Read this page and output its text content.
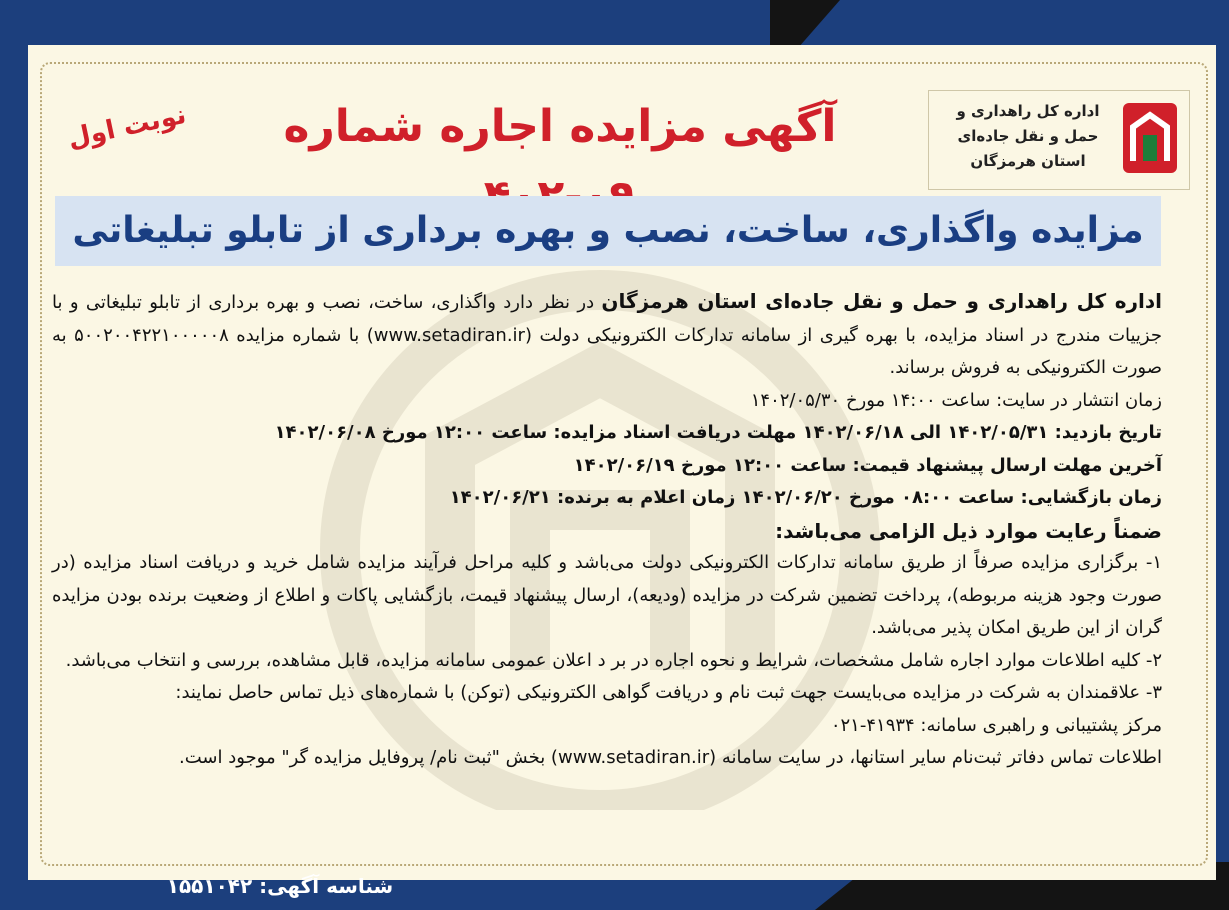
اداره کل راهداری و
حمل و نقل جاده‌ای
استان هرمزگان
آگهی مزایده اجاره شماره
نوبت اول
مزایده واگذاری، ساخت، نصب و بهره برداری از تابلو تبلیغاتی

اداره کل راهداری و حمل و نقل جاده‌ای استان هرمزگان در نظر دارد واگذاری، ساخت، نصب و بهره برداری از تابلو تبلیغاتی و با جزییات مندرج در اسناد مزایده، با بهره گیری از سامانه تدارکات الکترونیکی دولت (www.setadiran.ir) با شماره مزایده ۵۰۰۲۰۰۴۲۲۱۰۰۰۰۰۸ به صورت الکترونیکی به فروش برساند.

زمان انتشار در سایت: ساعت ۱۴:۰۰ مورخ ۱۴۰۲/۰۵/۳۰

تاریخ بازدید: ۱۴۰۲/۰۵/۳۱ الی ۱۴۰۲/۰۶/۱۸ مهلت دریافت اسناد مزایده: ساعت ۱۲:۰۰ مورخ ۱۴۰۲/۰۶/۰۸

آخرین مهلت ارسال پیشنهاد قیمت: ساعت ۱۲:۰۰ مورخ ۱۴۰۲/۰۶/۱۹

زمان بازگشایی: ساعت ۰۸:۰۰ مورخ ۱۴۰۲/۰۶/۲۰ زمان اعلام به برنده: ۱۴۰۲/۰۶/۲۱

ضمناً رعایت موارد ذیل الزامی می‌باشد:

۱- برگزاری مزایده صرفاً از طریق سامانه تدارکات الکترونیکی دولت می‌باشد و کلیه مراحل فرآیند مزایده شامل خرید و دریافت اسناد مزایده (در صورت وجود هزینه مربوطه)، پرداخت تضمین شرکت در مزایده (ودیعه)، ارسال پیشنهاد قیمت، بازگشایی پاکات و اطلاع از وضعیت برنده بودن مزایده گران از این طریق امکان پذیر می‌باشد.

۲- کلیه اطلاعات موارد اجاره شامل مشخصات، شرایط و نحوه اجاره در بر د اعلان عمومی سامانه مزایده، قابل مشاهده، بررسی و انتخاب می‌باشد.

۳- علاقمندان به شرکت در مزایده می‌بایست جهت ثبت نام و دریافت گواهی الکترونیکی (توکن) با شماره‌های ذیل تماس حاصل نمایند:

مرکز پشتیبانی و راهبری سامانه: ۴۱۹۳۴-۰۲۱

اطلاعات تماس دفاتر ثبت‌نام سایر استانها، در سایت سامانه (www.setadiran.ir) بخش "ثبت نام/ پروفایل مزایده گر" موجود است.

شناسه آگهی: ۱۵۵۱۰۴۲
